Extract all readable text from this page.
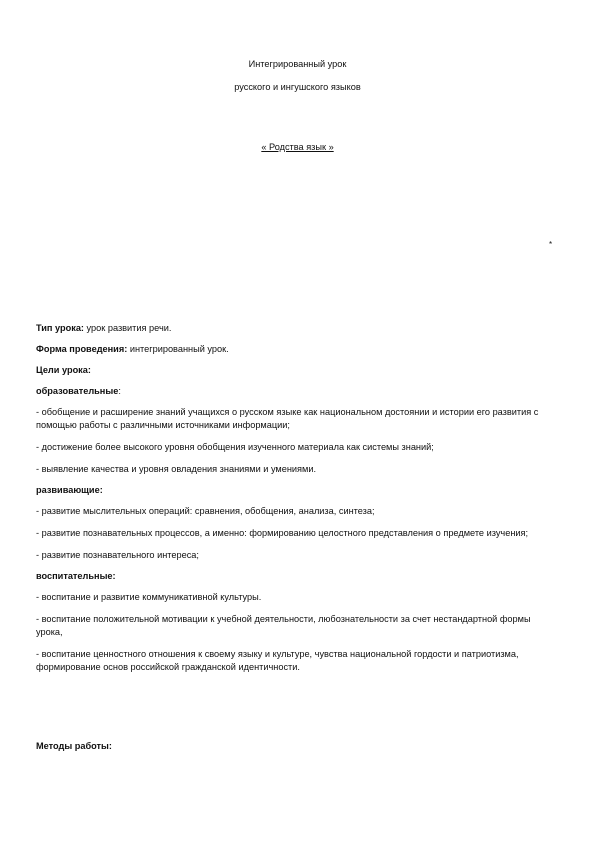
Интегрированный урок
русского и ингушского языков
« Родства язык »
*

Тип урока: урок развития речи.

Форма проведения: интегрированный урок.

Цели урока:

образовательные:

- обобщение и расширение знаний учащихся о русском языке как национальном достоянии и истории его развития с помощью работы с различными источниками информации;

- достижение более высокого уровня обобщения изученного материала как системы знаний;

- выявление качества и уровня овладения знаниями и умениями.

развивающие:

- развитие мыслительных операций: сравнения, обобщения, анализа, синтеза;

- развитие познавательных процессов, а именно: формированию целостного представления о предмете изучения;

- развитие познавательного интереса;

воспитательные:

- воспитание и развитие коммуникативной культуры.

- воспитание положительной мотивации к учебной деятельности, любознательности за счет нестандартной формы урока,

- воспитание ценностного отношения к своему языку и культуре, чувства национальной гордости и патриотизма, формирование основ российской гражданской идентичности.

Методы работы:
